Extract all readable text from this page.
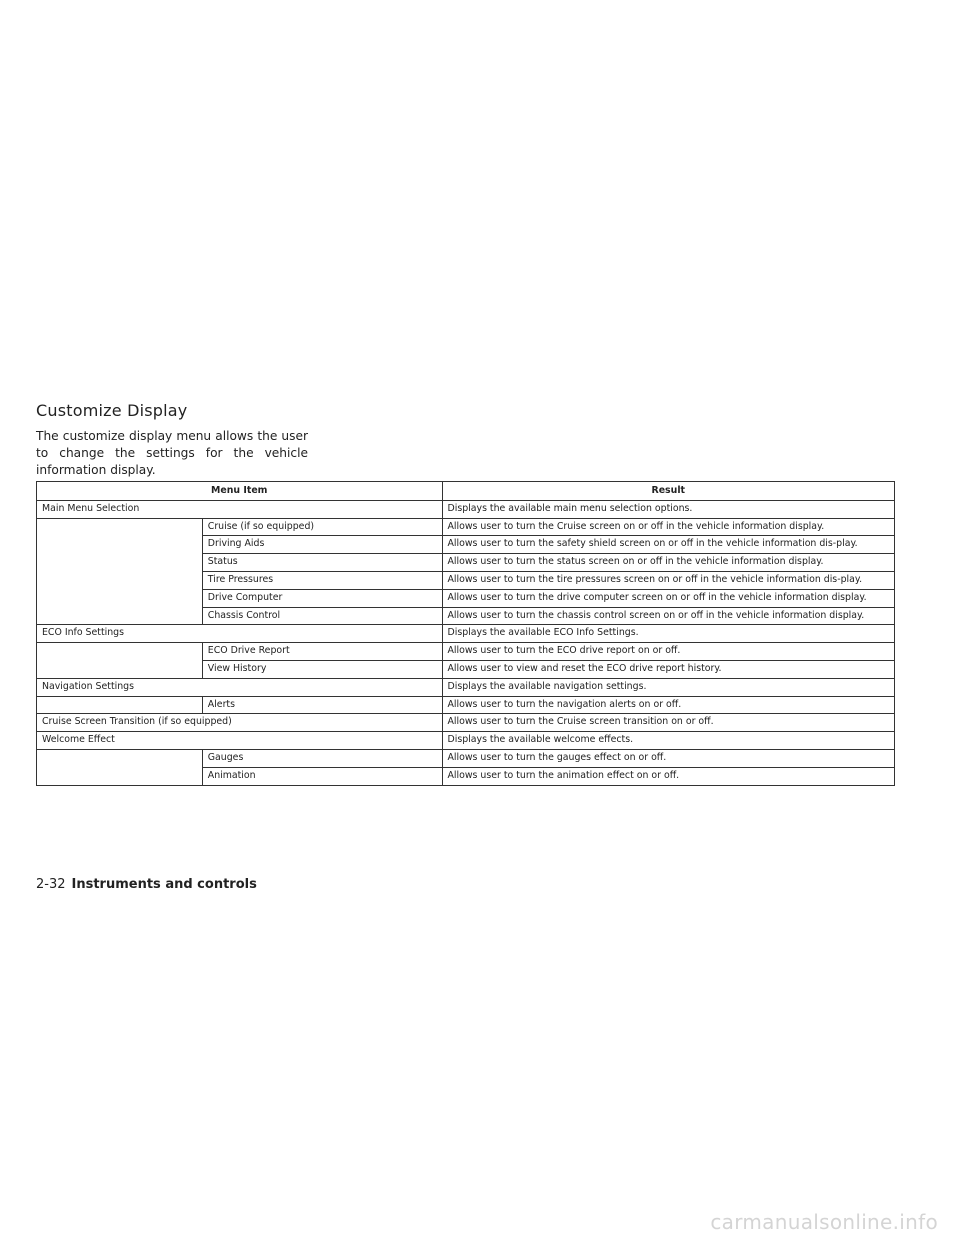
Customize Display

The customize display menu allows the user to change the settings for the vehicle information display.

Menu Item		Result
Main Menu Selection		Displays the available main menu selection options.
	Cruise (if so equipped)	Allows user to turn the Cruise screen on or off in the vehicle information display.
	Driving Aids	Allows user to turn the safety shield screen on or off in the vehicle information dis-play.
	Status	Allows user to turn the status screen on or off in the vehicle information display.
	Tire Pressures	Allows user to turn the tire pressures screen on or off in the vehicle information dis-play.
	Drive Computer	Allows user to turn the drive computer screen on or off in the vehicle information display.
	Chassis Control	Allows user to turn the chassis control screen on or off in the vehicle information display.
ECO Info Settings		Displays the available ECO Info Settings.
	ECO Drive Report	Allows user to turn the ECO drive report on or off.
	View History	Allows user to view and reset the ECO drive report history.
Navigation Settings		Displays the available navigation settings.
	Alerts	Allows user to turn the navigation alerts on or off.
Cruise Screen Transition (if so equipped)		Allows user to turn the Cruise screen transition on or off.
Welcome Effect		Displays the available welcome effects.
	Gauges	Allows user to turn the gauges effect on or off.
	Animation	Allows user to turn the animation effect on or off.
2-32 Instruments and controls
carmanualsonline.info
